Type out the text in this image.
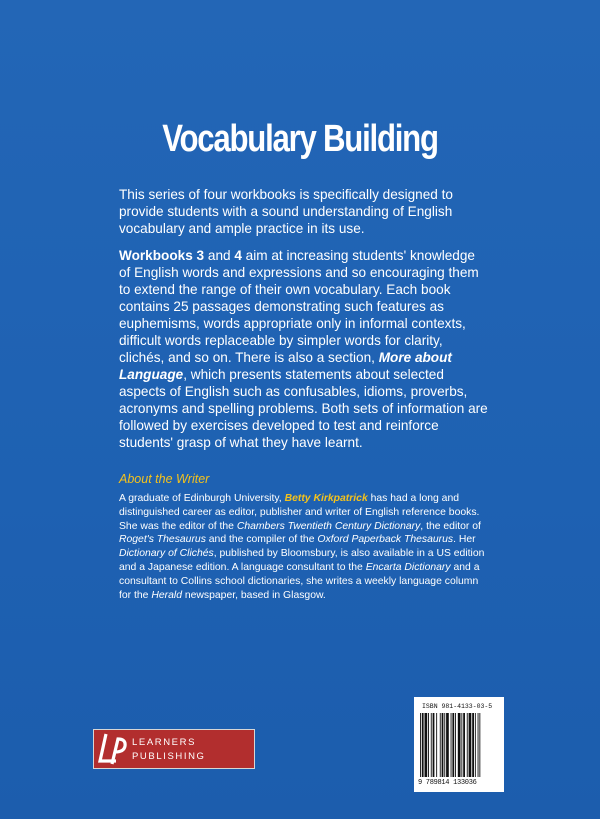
Vocabulary Building

This series of four workbooks is specifically designed to provide students with a sound understanding of English vocabulary and ample practice in its use.

Workbooks 3 and 4 aim at increasing students' knowledge of English words and expressions and so encouraging them to extend the range of their own vocabulary. Each book contains 25 passages demonstrating such features as euphemisms, words appropriate only in informal contexts, difficult words replaceable by simpler words for clarity, clichés, and so on. There is also a section, More about Language, which presents statements about selected aspects of English such as confusables, idioms, proverbs, acronyms and spelling problems. Both sets of information are followed by exercises developed to test and reinforce students' grasp of what they have learnt.

About the Writer

A graduate of Edinburgh University, Betty Kirkpatrick has had a long and distinguished career as editor, publisher and writer of English reference books. She was the editor of the Chambers Twentieth Century Dictionary, the editor of Roget's Thesaurus and the compiler of the Oxford Paperback Thesaurus. Her Dictionary of Clichés, published by Bloomsbury, is also available in a US edition and a Japanese edition. A language consultant to the Encarta Dictionary and a consultant to Collins school dictionaries, she writes a weekly language column for the Herald newspaper, based in Glasgow.

LEARNERS
PUBLISHING
ISBN 981-4133-03-5
9 789814 133036
